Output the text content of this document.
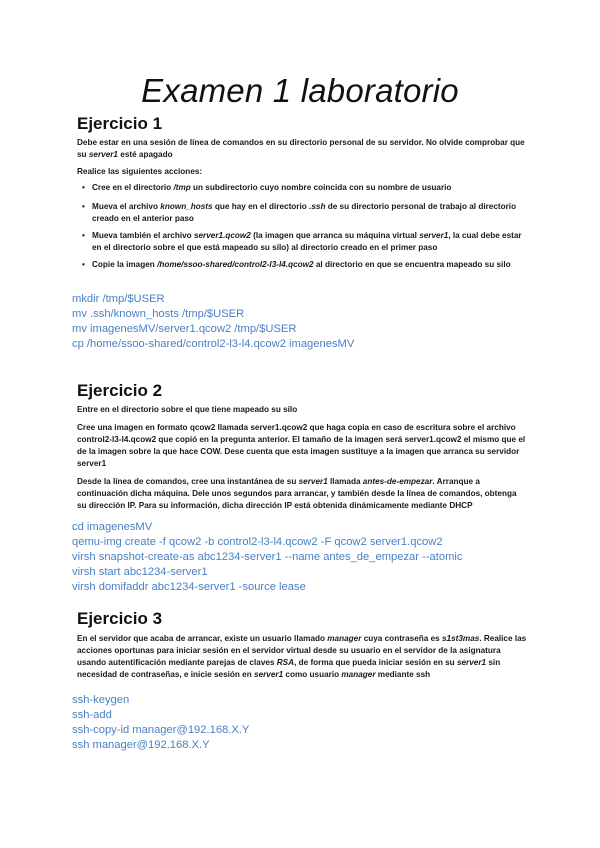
Examen 1 laboratorio
Ejercicio 1
Debe estar en una sesión de línea de comandos en su directorio personal de su servidor. No olvide comprobar que su server1 esté apagado
Realice las siguientes acciones:
• Cree en el directorio /tmp un subdirectorio cuyo nombre coincida con su nombre de usuario
• Mueva el archivo known_hosts que hay en el directorio .ssh de su directorio personal de trabajo al directorio creado en el anterior paso
• Mueva también el archivo server1.qcow2 (la imagen que arranca su máquina virtual server1, la cual debe estar en el directorio sobre el que está mapeado su silo) al directorio creado en el primer paso
• Copie la imagen /home/ssoo-shared/control2-l3-l4.qcow2 al directorio en que se encuentra mapeado su silo
mkdir /tmp/$USER
mv .ssh/known_hosts /tmp/$USER
mv imagenesMV/server1.qcow2 /tmp/$USER
cp /home/ssoo-shared/control2-l3-l4.qcow2 imagenesMV
Ejercicio 2
Entre en el directorio sobre el que tiene mapeado su silo
Cree una imagen en formato qcow2 llamada server1.qcow2 que haga copia en caso de escritura sobre el archivo control2-l3-l4.qcow2 que copió en la pregunta anterior. El tamaño de la imagen será server1.qcow2 el mismo que el de la imagen sobre la que hace COW. Dese cuenta que esta imagen sustituye a la imagen que arranca su servidor server1
Desde la línea de comandos, cree una instantánea de su server1 llamada antes-de-empezar. Arranque a continuación dicha máquina. Dele unos segundos para arrancar, y también desde la línea de comandos, obtenga su dirección IP. Para su información, dicha dirección IP está obtenida dinámicamente mediante DHCP
cd imagenesMV
qemu-img create -f qcow2 -b control2-l3-l4.qcow2 -F qcow2 server1.qcow2
virsh snapshot-create-as abc1234-server1 --name antes_de_empezar --atomic
virsh start abc1234-server1
virsh domifaddr abc1234-server1 -source lease
Ejercicio 3
En el servidor que acaba de arrancar, existe un usuario llamado manager cuya contraseña es s1st3mas. Realice las acciones oportunas para iniciar sesión en el servidor virtual desde su usuario en el servidor de la asignatura usando autentificación mediante parejas de claves RSA, de forma que pueda iniciar sesión en su server1 sin necesidad de contraseñas, e inicie sesión en server1 como usuario manager mediante ssh
ssh-keygen
ssh-add
ssh-copy-id manager@192.168.X.Y
ssh manager@192.168.X.Y
